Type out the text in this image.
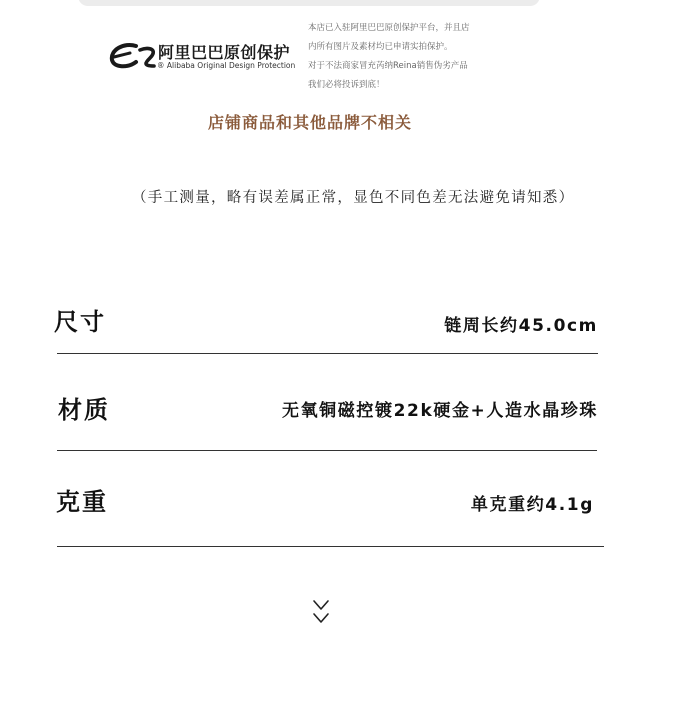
阿里巴巴原创保护
® Alibaba Original Design Protection
本店已入驻阿里巴巴原创保护平台，并且店
内所有图片及素材均已申请实拍保护。
对于不法商家冒充芮纳Reina销售伪劣产品
我们必将投诉到底！
店铺商品和其他品牌不相关
（手工测量，略有误差属正常，显色不同色差无法避免请知悉）
尺寸	链周长约45.0cm
材质	无氧铜磁控镀22k硬金+人造水晶珍珠
克重	单克重约4.1g
